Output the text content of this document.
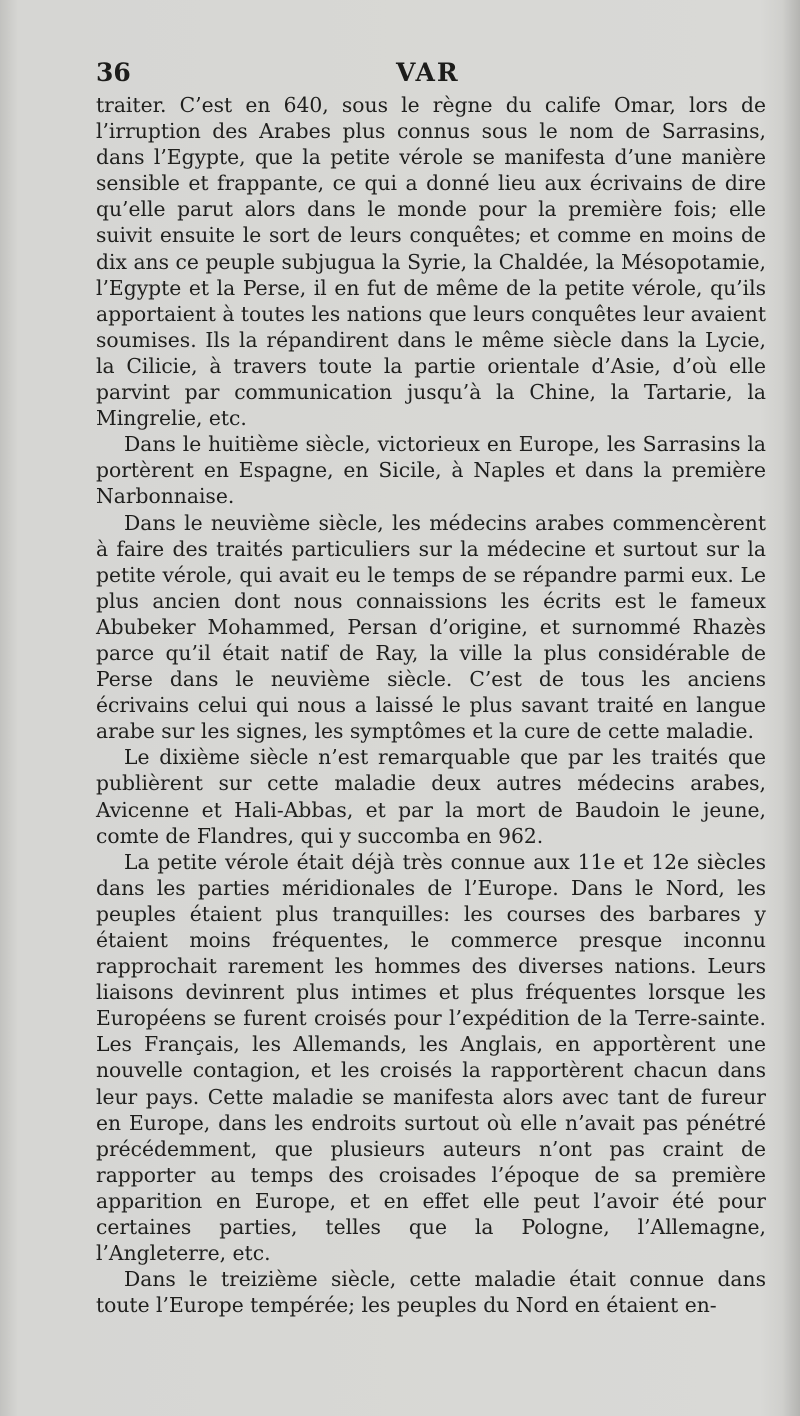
36	VAR

traiter. C’est en 640, sous le règne du calife Omar, lors de l’irruption des Arabes plus connus sous le nom de Sarrasins, dans l’Egypte, que la petite vérole se manifesta d’une manière sensible et frappante, ce qui a donné lieu aux écrivains de dire qu’elle parut alors dans le monde pour la première fois; elle suivit ensuite le sort de leurs conquêtes; et comme en moins de dix ans ce peuple subjugua la Syrie, la Chaldée, la Mésopotamie, l’Egypte et la Perse, il en fut de même de la petite vérole, qu’ils apportaient à toutes les nations que leurs conquêtes leur avaient soumises. Ils la répandirent dans le même siècle dans la Lycie, la Cilicie, à travers toute la partie orientale d’Asie, d’où elle parvint par communication jusqu’à la Chine, la Tartarie, la Mingrelie, etc.

Dans le huitième siècle, victorieux en Europe, les Sarrasins la portèrent en Espagne, en Sicile, à Naples et dans la première Narbonnaise.

Dans le neuvième siècle, les médecins arabes commencèrent à faire des traités particuliers sur la médecine et surtout sur la petite vérole, qui avait eu le temps de se répandre parmi eux. Le plus ancien dont nous connaissions les écrits est le fameux Abubeker Mohammed, Persan d’origine, et surnommé Rhazès parce qu’il était natif de Ray, la ville la plus considérable de Perse dans le neuvième siècle. C’est de tous les anciens écrivains celui qui nous a laissé le plus savant traité en langue arabe sur les signes, les symptômes et la cure de cette maladie.

Le dixième siècle n’est remarquable que par les traités que publièrent sur cette maladie deux autres médecins arabes, Avicenne et Hali-Abbas, et par la mort de Baudoin le jeune, comte de Flandres, qui y succomba en 962.

La petite vérole était déjà très connue aux 11e et 12e siècles dans les parties méridionales de l’Europe. Dans le Nord, les peuples étaient plus tranquilles: les courses des barbares y étaient moins fréquentes, le commerce presque inconnu rapprochait rarement les hommes des diverses nations. Leurs liaisons devinrent plus intimes et plus fréquentes lorsque les Européens se furent croisés pour l’expédition de la Terre-sainte. Les Français, les Allemands, les Anglais, en apportèrent une nouvelle contagion, et les croisés la rapportèrent chacun dans leur pays. Cette maladie se manifesta alors avec tant de fureur en Europe, dans les endroits surtout où elle n’avait pas pénétré précédemment, que plusieurs auteurs n’ont pas craint de rapporter au temps des croisades l’époque de sa première apparition en Europe, et en effet elle peut l’avoir été pour certaines parties, telles que la Pologne, l’Allemagne, l’Angleterre, etc.

Dans le treizième siècle, cette maladie était connue dans toute l’Europe tempérée; les peuples du Nord en étaient en-
